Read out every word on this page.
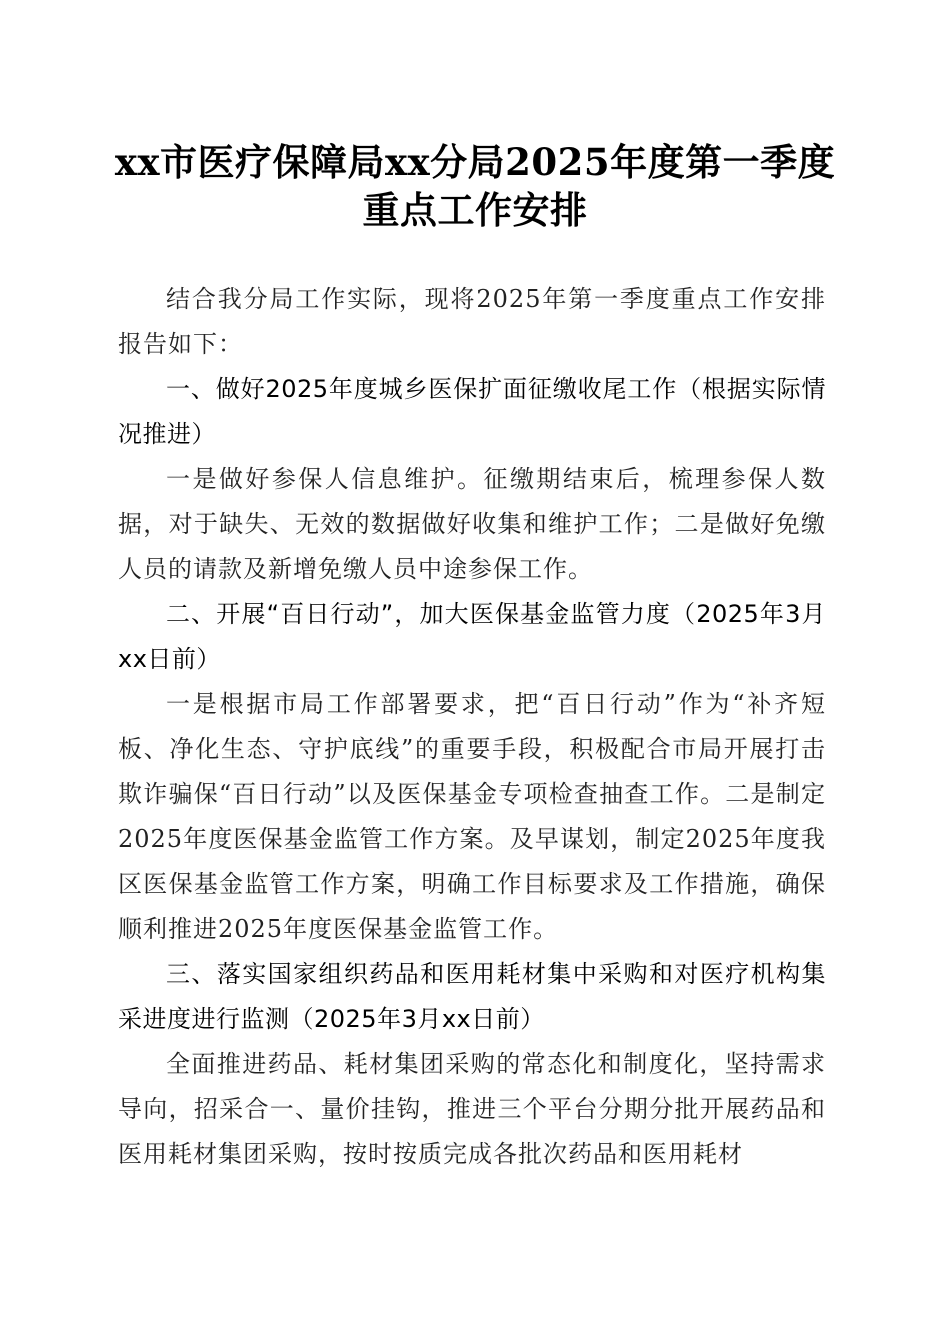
xx市医疗保障局xx分局2025年度第一季度重点工作安排

结合我分局工作实际，现将2025年第一季度重点工作安排报告如下：

一、做好2025年度城乡医保扩面征缴收尾工作（根据实际情况推进）

一是做好参保人信息维护。征缴期结束后，梳理参保人数据，对于缺失、无效的数据做好收集和维护工作；二是做好免缴人员的请款及新增免缴人员中途参保工作。

二、开展“百日行动”，加大医保基金监管力度（2025年3月xx日前）

一是根据市局工作部署要求，把“百日行动”作为“补齐短板、净化生态、守护底线”的重要手段，积极配合市局开展打击欺诈骗保“百日行动”以及医保基金专项检查抽查工作。二是制定2025年度医保基金监管工作方案。及早谋划，制定2025年度我区医保基金监管工作方案，明确工作目标要求及工作措施，确保顺利推进2025年度医保基金监管工作。

三、落实国家组织药品和医用耗材集中采购和对医疗机构集采进度进行监测（2025年3月xx日前）

全面推进药品、耗材集团采购的常态化和制度化，坚持需求导向，招采合一、量价挂钩，推进三个平台分期分批开展药品和医用耗材集团采购，按时按质完成各批次药品和医用耗材
